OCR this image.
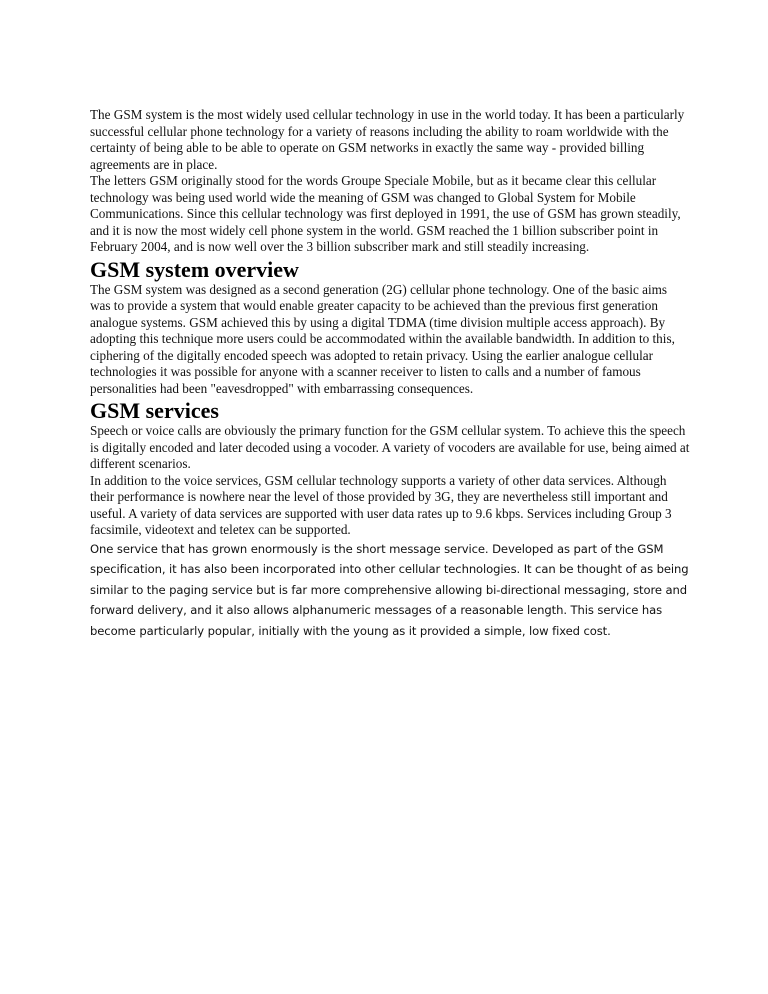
The GSM system is the most widely used cellular technology in use in the world today. It has been a particularly successful cellular phone technology for a variety of reasons including the ability to roam worldwide with the certainty of being able to be able to operate on GSM networks in exactly the same way - provided billing agreements are in place.

The letters GSM originally stood for the words Groupe Speciale Mobile, but as it became clear this cellular technology was being used world wide the meaning of GSM was changed to Global System for Mobile Communications. Since this cellular technology was first deployed in 1991, the use of GSM has grown steadily, and it is now the most widely cell phone system in the world. GSM reached the 1 billion subscriber point in February 2004, and is now well over the 3 billion subscriber mark and still steadily increasing.

GSM system overview

The GSM system was designed as a second generation (2G) cellular phone technology. One of the basic aims was to provide a system that would enable greater capacity to be achieved than the previous first generation analogue systems. GSM achieved this by using a digital TDMA (time division multiple access approach). By adopting this technique more users could be accommodated within the available bandwidth. In addition to this, ciphering of the digitally encoded speech was adopted to retain privacy. Using the earlier analogue cellular technologies it was possible for anyone with a scanner receiver to listen to calls and a number of famous personalities had been "eavesdropped" with embarrassing consequences.

GSM services

Speech or voice calls are obviously the primary function for the GSM cellular system. To achieve this the speech is digitally encoded and later decoded using a vocoder. A variety of vocoders are available for use, being aimed at different scenarios.

In addition to the voice services, GSM cellular technology supports a variety of other data services. Although their performance is nowhere near the level of those provided by 3G, they are nevertheless still important and useful. A variety of data services are supported with user data rates up to 9.6 kbps. Services including Group 3 facsimile, videotext and teletex can be supported.

One service that has grown enormously is the short message service. Developed as part of the GSM specification, it has also been incorporated into other cellular technologies. It can be thought of as being similar to the paging service but is far more comprehensive allowing bi-directional messaging, store and forward delivery, and it also allows alphanumeric messages of a reasonable length. This service has become particularly popular, initially with the young as it provided a simple, low fixed cost.
